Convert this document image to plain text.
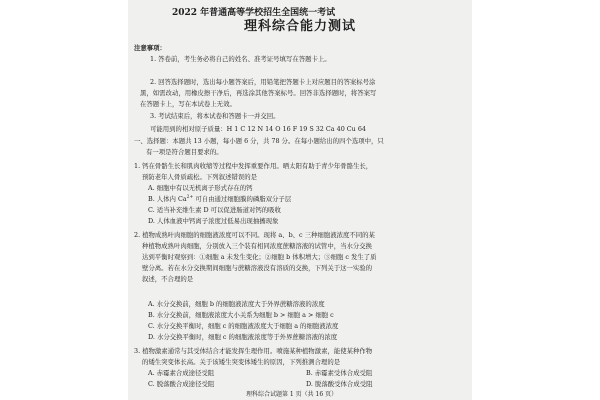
2022 年普通高等学校招生全国统一考试
理科综合能力测试
注意事项：
1. 答卷前，考生务必将自己的姓名、准考证号填写在答题卡上。
2. 回答选择题时，选出每小题答案后，用铅笔把答题卡上对应题目的答案标号涂
黑，如需改动，用橡皮擦干净后，再选涂其他答案标号。回答非选择题时，将答案写
在答题卡上，写在本试卷上无效。
3. 考试结束后，将本试卷和答题卡一并交回。
可能用到的相对原子质量：H 1 C 12 N 14 O 16 F 19 S 32 Ca 40 Cu 64
一、选择题：本题共 13 小题，每小题 6 分，共 78 分。在每小题给出的四个选项中，只
有一项是符合题目要求的。
1. 钙在骨骼生长和肌肉收缩等过程中发挥重要作用。晒太阳有助于青少年骨骼生长，
预防老年人骨质疏松。下列叙述错误的是
A. 细胞中有以无机离子形式存在的钙
B. 人体内 $Ca^{2+}$ 可自由通过细胞膜的磷脂双分子层
C. 适当补充维生素 D 可以促进肠道对钙的吸收
D. 人体血液中钙离子浓度过低易出现抽搐现象
2. 植物成熟叶肉细胞的细胞液浓度可以不同。现将 a、b、c 三种细胞液浓度不同的某
种植物成熟叶肉细胞，分别放入三个装有相同浓度蔗糖溶液的试管中，当水分交换
达到平衡时观察到：①细胞 a 未发生变化；②细胞 b 体积增大；③细胞 c 发生了质
壁分离。若在水分交换期间细胞与蔗糖溶液没有溶质的交换，下列关于这一实验的
叙述，不合理的是
A. 水分交换前，细胞 b 的细胞液浓度大于外界蔗糖溶液的浓度
B. 水分交换前，细胞液浓度大小关系为细胞 b > 细胞 a > 细胞 c
C. 水分交换平衡时，细胞 c 的细胞液浓度大于细胞 a 的细胞液浓度
D. 水分交换平衡时，细胞 c 的细胞液浓度等于外界蔗糖溶液的浓度
3. 植物激素通常与其受体结合才能发挥生理作用。喷施某种植物激素，能使某种作物
的矮生突变体长高。关于该矮生突变体矮生的原因，下列推测合理的是
A. 赤霉素合成途径受阻	B. 赤霉素受体合成受阻
C. 脱落酸合成途径受阻	D. 脱落酸受体合成受阻
理科综合试题第 1 页（共 16 页）
